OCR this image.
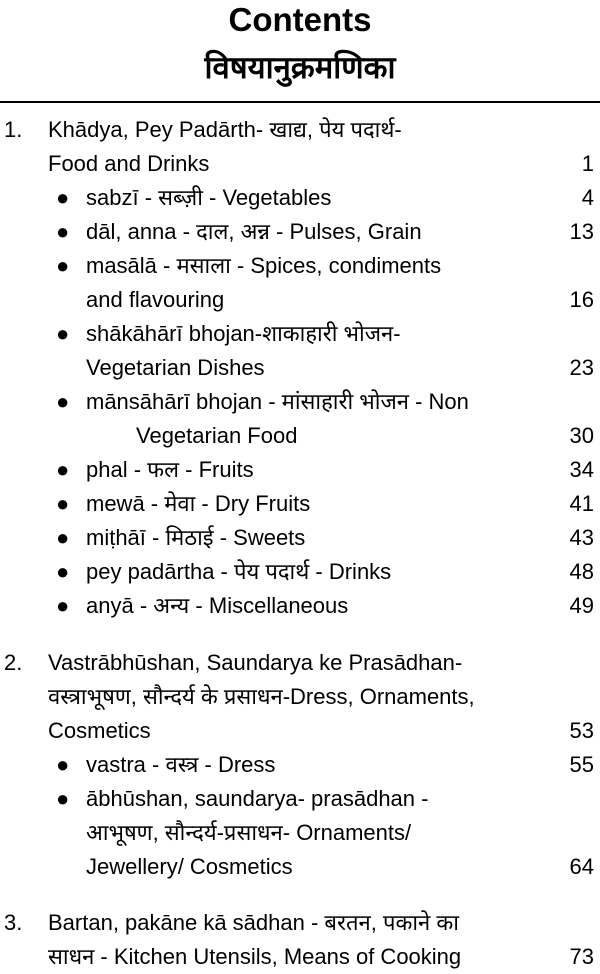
Contents
विषयानुक्रमणिका
1. Khādya, Pey Padārth- खाद्य, पेय पदार्थ-
Food and Drinks	1
● sabzī - सब्ज़ी - Vegetables	4
● dāl, anna - दाल, अन्न - Pulses, Grain	13
● masālā - मसाला - Spices, condiments
and flavouring	16
● shākāhārī bhojan-शाकाहारी भोजन-
Vegetarian Dishes	23
● mānsāhārī bhojan - मांसाहारी भोजन - Non
Vegetarian Food	30
● phal - फल - Fruits	34
● mewā - मेवा - Dry Fruits	41
● miṭhāī - मिठाई - Sweets	43
● pey padārtha - पेय पदार्थ - Drinks	48
● anyā - अन्य - Miscellaneous	49
2. Vastrābhūshan, Saundarya ke Prasādhan-
वस्त्राभूषण, सौन्दर्य के प्रसाधन-Dress, Ornaments,
Cosmetics	53
● vastra - वस्त्र - Dress	55
● ābhūshan, saundarya- prasādhan -
आभूषण, सौन्दर्य-प्रसाधन- Ornaments/
Jewellery/ Cosmetics	64
3. Bartan, pakāne kā sādhan - बरतन, पकाने का
साधन - Kitchen Utensils, Means of Cooking	73
